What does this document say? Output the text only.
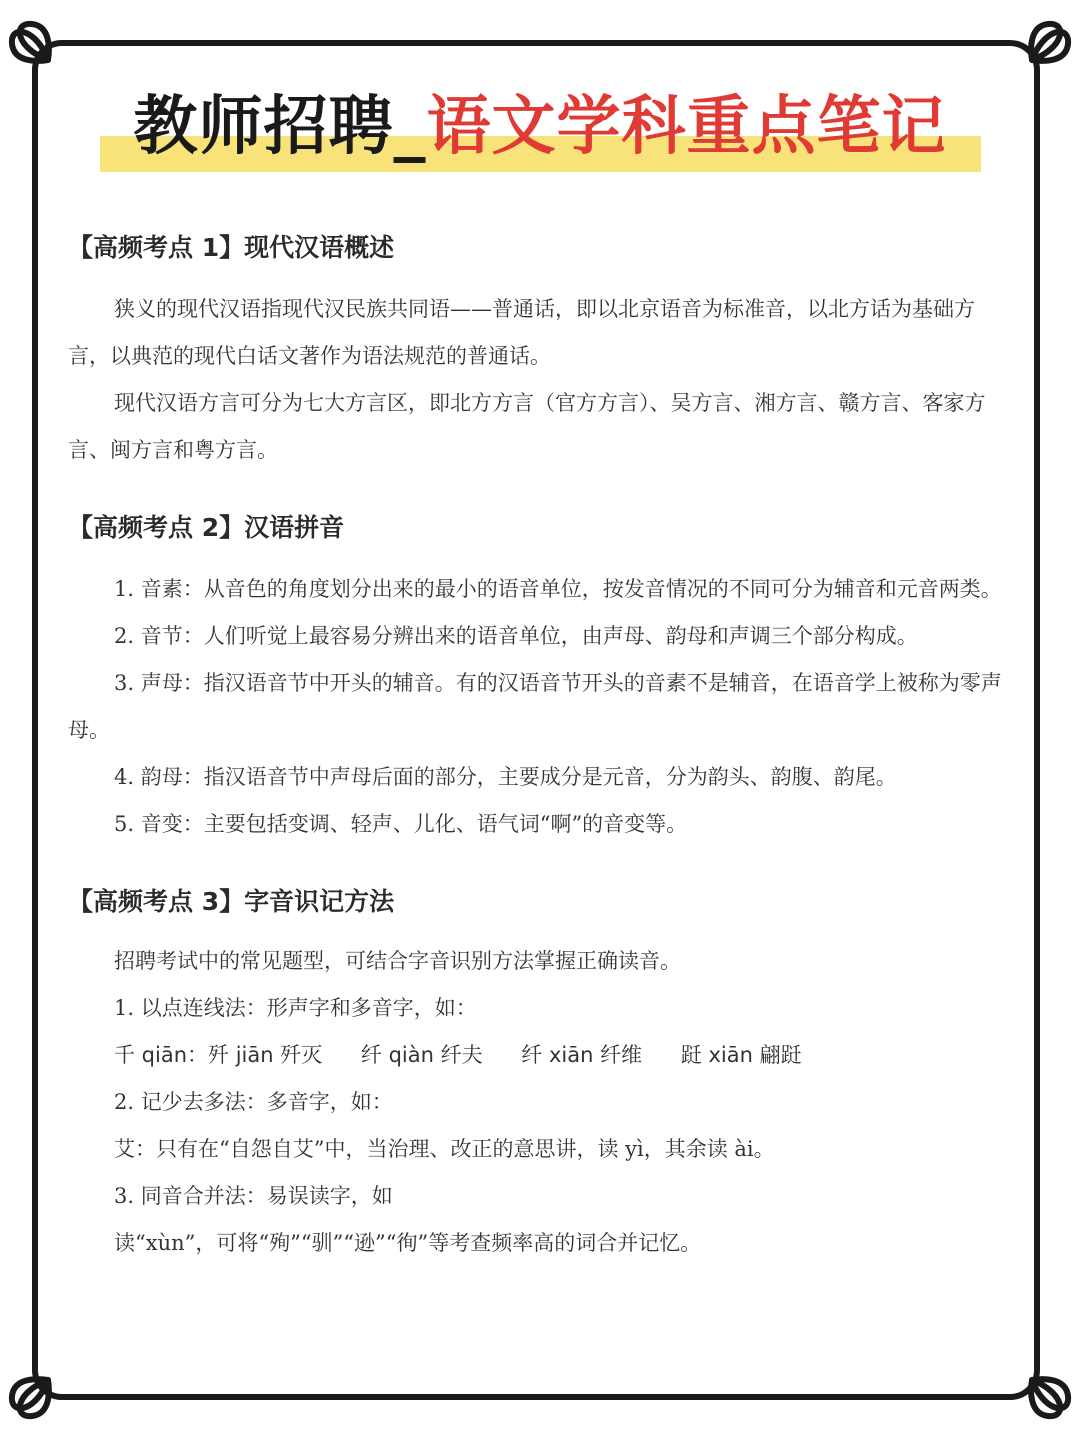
教师招聘_语文学科重点笔记
【高频考点 1】现代汉语概述

狭义的现代汉语指现代汉民族共同语——普通话，即以北京语音为标准音，以北方话为基础方言，以典范的现代白话文著作为语法规范的普通话。

现代汉语方言可分为七大方言区，即北方方言（官方方言）、吴方言、湘方言、赣方言、客家方言、闽方言和粤方言。

【高频考点 2】汉语拼音

1. 音素：从音色的角度划分出来的最小的语音单位，按发音情况的不同可分为辅音和元音两类。

2. 音节：人们听觉上最容易分辨出来的语音单位，由声母、韵母和声调三个部分构成。

3. 声母：指汉语音节中开头的辅音。有的汉语音节开头的音素不是辅音，在语音学上被称为零声母。

4. 韵母：指汉语音节中声母后面的部分，主要成分是元音，分为韵头、韵腹、韵尾。

5. 音变：主要包括变调、轻声、儿化、语气词“啊”的音变等。

【高频考点 3】字音识记方法

招聘考试中的常见题型，可结合字音识别方法掌握正确读音。

1. 以点连线法：形声字和多音字，如：

千 qiān：歼 jiān 歼灭 纤 qiàn 纤夫 纤 xiān 纤维 跹 xiān 翩跹

2. 记少去多法：多音字，如：

艾：只有在“自怨自艾”中，当治理、改正的意思讲，读 yì，其余读 ài。

3. 同音合并法：易误读字，如

读“xùn”，可将“殉”“驯”“逊”“徇”等考查频率高的词合并记忆。
